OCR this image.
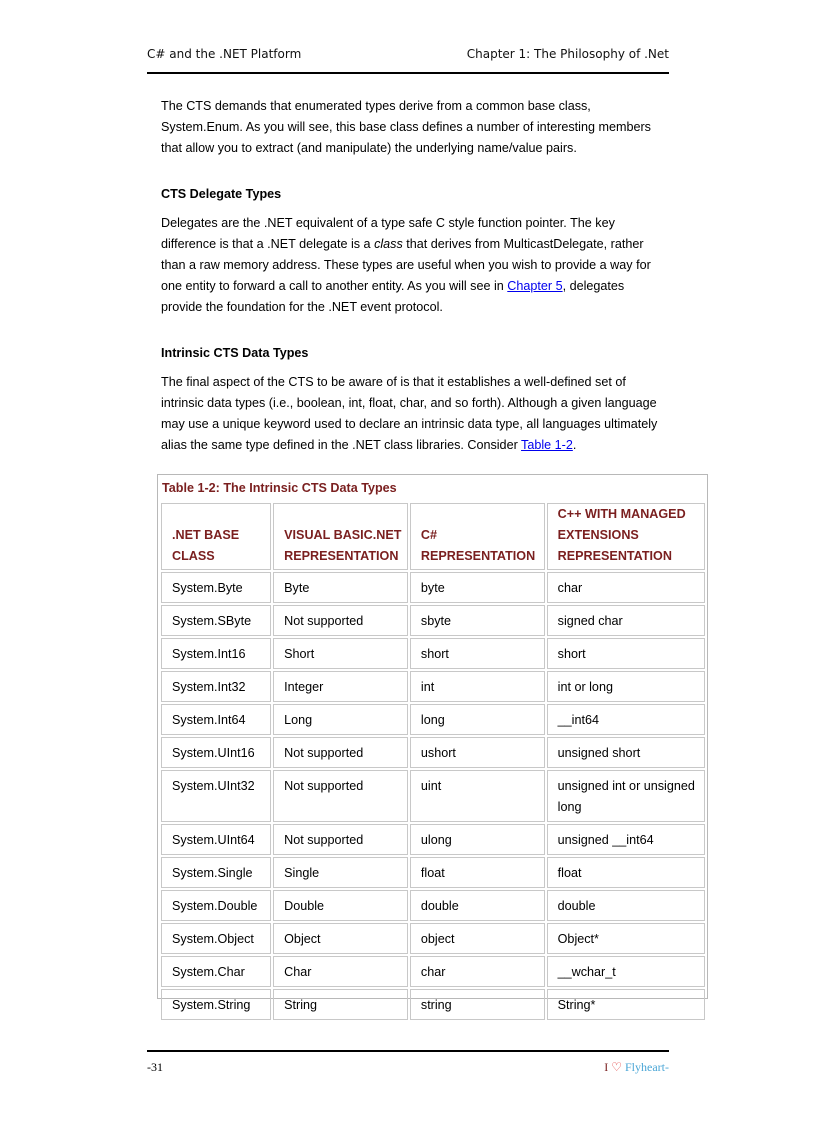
C# and the .NET Platform	Chapter 1: The Philosophy of .Net

The CTS demands that enumerated types derive from a common base class, System.Enum. As you will see, this base class defines a number of interesting members that allow you to extract (and manipulate) the underlying name/value pairs.

CTS Delegate Types

Delegates are the .NET equivalent of a type safe C style function pointer. The key difference is that a .NET delegate is a class that derives from MulticastDelegate, rather than a raw memory address. These types are useful when you wish to provide a way for one entity to forward a call to another entity. As you will see in Chapter 5, delegates provide the foundation for the .NET event protocol.

Intrinsic CTS Data Types

The final aspect of the CTS to be aware of is that it establishes a well-defined set of intrinsic data types (i.e., boolean, int, float, char, and so forth). Although a given language may use a unique keyword used to declare an intrinsic data type, all languages ultimately alias the same type defined in the .NET class libraries. Consider Table 1-2.

Table 1-2: The Intrinsic CTS Data Types
.NET BASE CLASS	VISUAL BASIC.NET REPRESENTATION	C# REPRESENTATION	C++ WITH MANAGED EXTENSIONS REPRESENTATION
System.Byte	Byte	byte	char
System.SByte	Not supported	sbyte	signed char
System.Int16	Short	short	short
System.Int32	Integer	int	int or long
System.Int64	Long	long	__int64
System.UInt16	Not supported	ushort	unsigned short
System.UInt32	Not supported	uint	unsigned int or unsigned long
System.UInt64	Not supported	ulong	unsigned __int64
System.Single	Single	float	float
System.Double	Double	double	double
System.Object	Object	object	Object*
System.Char	Char	char	__wchar_t
System.String	String	string	String*
-31	I ♡ Flyheart-
